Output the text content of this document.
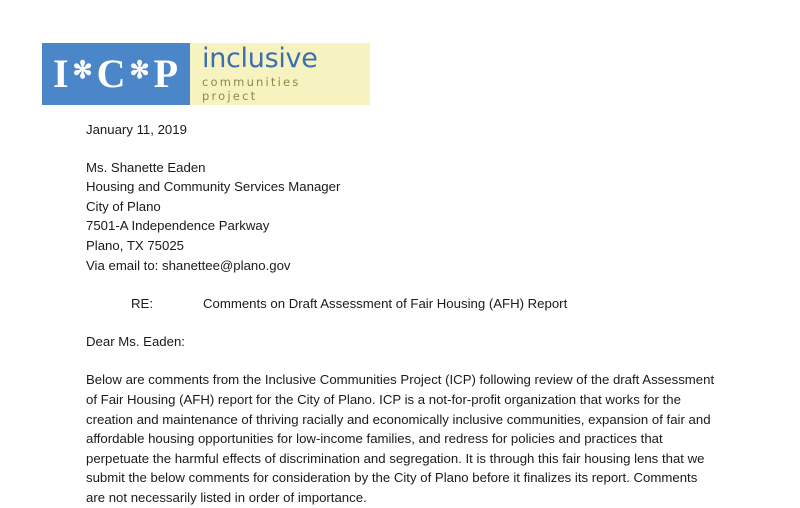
I ✻ C ✻ P inclusive
communities project
January 11, 2019
Ms. Shanette Eaden
Housing and Community Services Manager
City of Plano
7501-A Independence Parkway
Plano, TX 75025
Via email to: shanettee@plano.gov
RE:	Comments on Draft Assessment of Fair Housing (AFH) Report
Dear Ms. Eaden:
Below are comments from the Inclusive Communities Project (ICP) following review of the draft Assessment of Fair Housing (AFH) report for the City of Plano. ICP is a not-for-profit organization that works for the creation and maintenance of thriving racially and economically inclusive communities, expansion of fair and affordable housing opportunities for low-income families, and redress for policies and practices that perpetuate the harmful effects of discrimination and segregation. It is through this fair housing lens that we submit the below comments for consideration by the City of Plano before it finalizes its report. Comments are not necessarily listed in order of importance.
